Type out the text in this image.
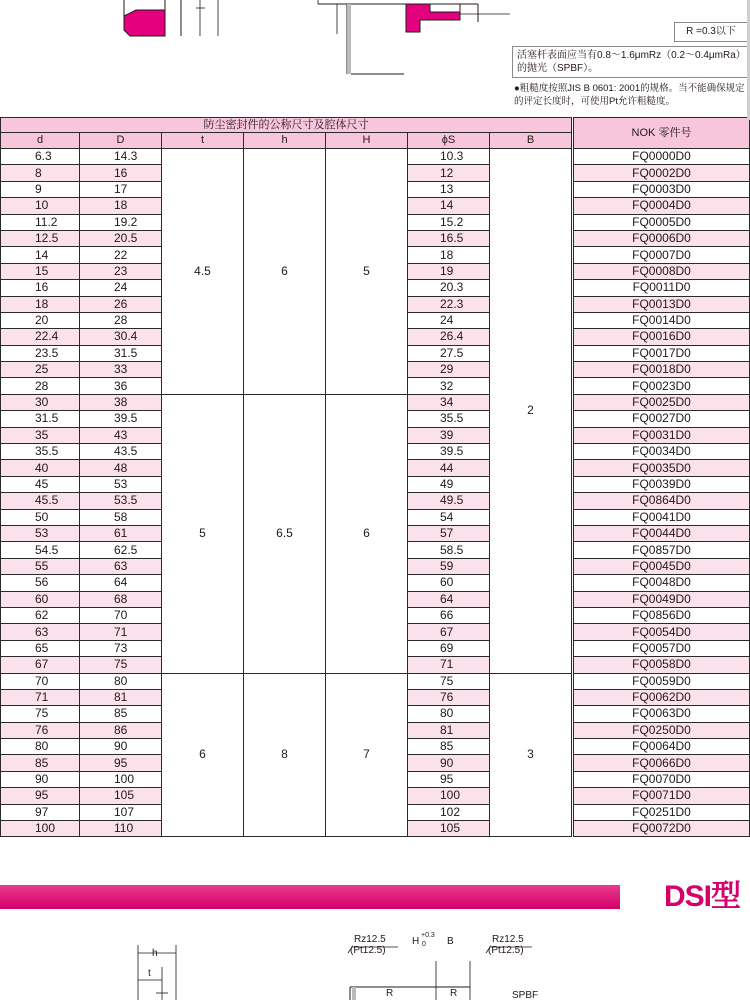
R =0.3以下
活塞杆表面应当有0.8～1.6μmRz（0.2～0.4μmRa）的抛光（SPBF）。
●粗糙度按照JIS B 0601: 2001的规格。当不能确保规定的评定长度时，可使用Pt允许粗糙度。
防尘密封件的公称尺寸及腔体尺寸								NOK 零件号
d	D	t	h	H	ϕS	B		
6.3	14.3	4.5	6	5	10.3	2		FQ0000D0
8	16				12			FQ0002D0
9	17				13			FQ0003D0
10	18				14			FQ0004D0
11.2	19.2				15.2			FQ0005D0
12.5	20.5				16.5			FQ0006D0
14	22				18			FQ0007D0
15	23				19			FQ0008D0
16	24				20.3			FQ0011D0
18	26				22.3			FQ0013D0
20	28				24			FQ0014D0
22.4	30.4				26.4			FQ0016D0
23.5	31.5				27.5			FQ0017D0
25	33				29			FQ0018D0
28	36				32			FQ0023D0
30	38	5	6.5	6	34			FQ0025D0
31.5	39.5				35.5			FQ0027D0
35	43				39			FQ0031D0
35.5	43.5				39.5			FQ0034D0
40	48				44			FQ0035D0
45	53				49			FQ0039D0
45.5	53.5				49.5			FQ0864D0
50	58				54			FQ0041D0
53	61				57			FQ0044D0
54.5	62.5				58.5			FQ0857D0
55	63				59			FQ0045D0
56	64				60			FQ0048D0
60	68				64			FQ0049D0
62	70				66			FQ0856D0
63	71				67			FQ0054D0
65	73				69			FQ0057D0
67	75				71			FQ0058D0
70	80	6	8	7	75	3		FQ0059D0
71	81				76			FQ0062D0
75	85				80			FQ0063D0
76	86				81			FQ0250D0
80	90				85			FQ0064D0
85	95				90			FQ0066D0
90	100				95			FQ0070D0
95	105				100			FQ0071D0
97	107				102			FQ0251D0
100	110				105			FQ0072D0
DSI型
h
t
Rz12.5
(Pt12.5)
H
+0.3
0 B	Rz12.5
(Pt12.5)
R	R	SPBF
